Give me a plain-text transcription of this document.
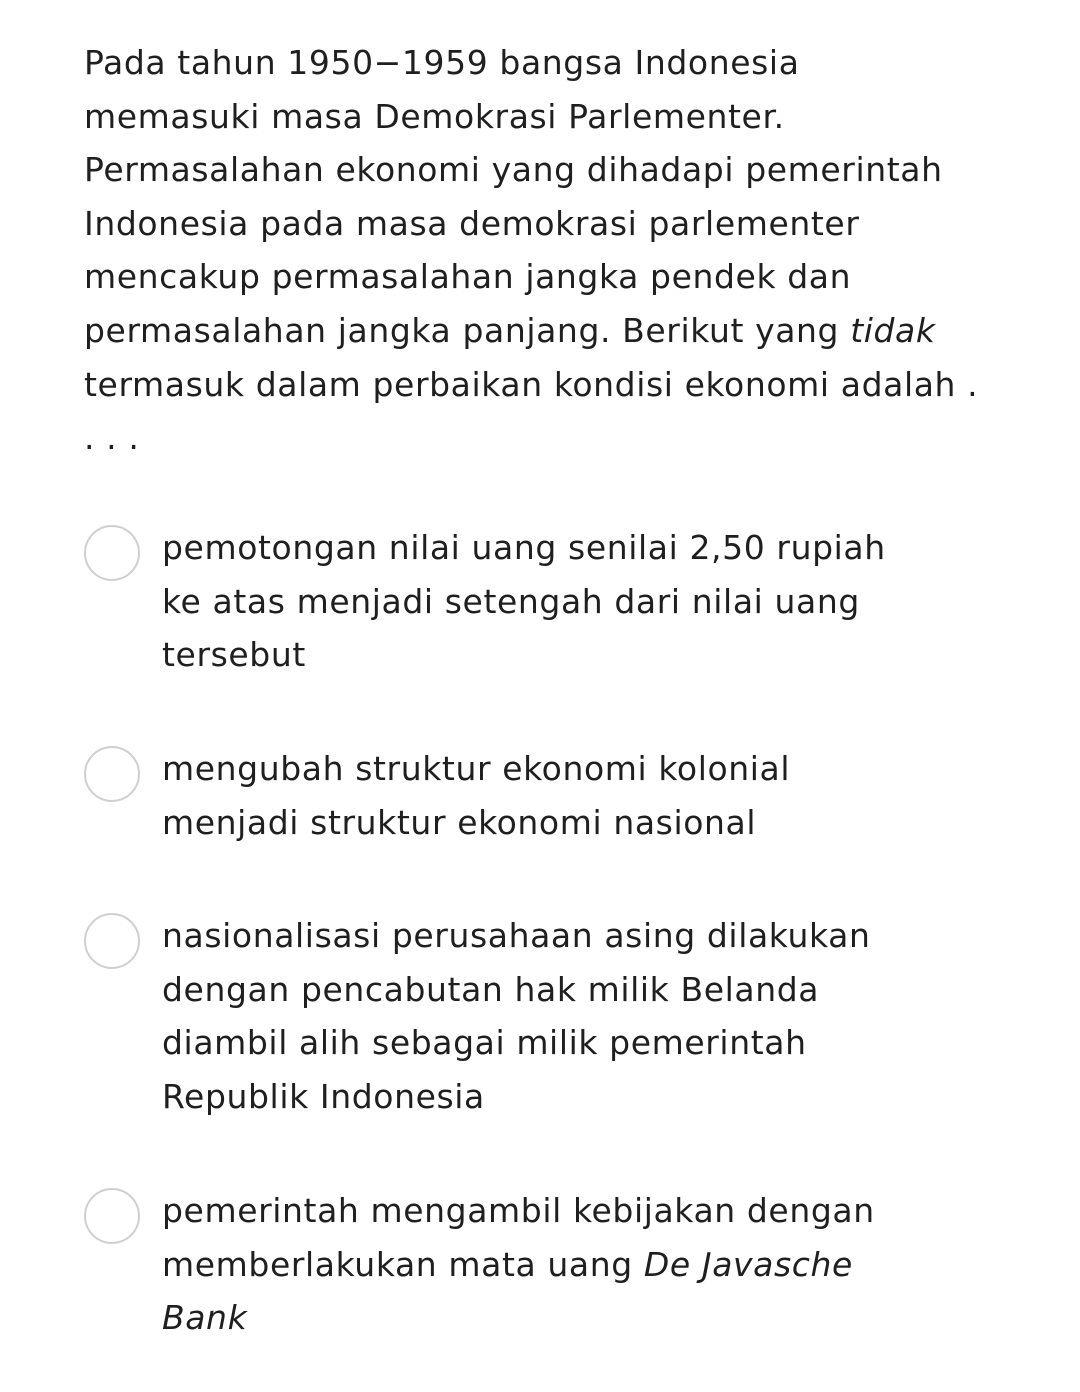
Pada tahun 1950−1959 bangsa Indonesia memasuki masa Demokrasi Parlementer. Permasalahan ekonomi yang dihadapi pemerintah Indonesia pada masa demokrasi parlementer mencakup permasalahan jangka pendek dan permasalahan jangka panjang. Berikut yang tidak termasuk dalam perbaikan kondisi ekonomi adalah . . . .

pemotongan nilai uang senilai 2,50 rupiah ke atas menjadi setengah dari nilai uang tersebut

mengubah struktur ekonomi kolonial menjadi struktur ekonomi nasional

nasionalisasi perusahaan asing dilakukan dengan pencabutan hak milik Belanda diambil alih sebagai milik pemerintah Republik Indonesia

pemerintah mengambil kebijakan dengan memberlakukan mata uang De Javasche Bank
